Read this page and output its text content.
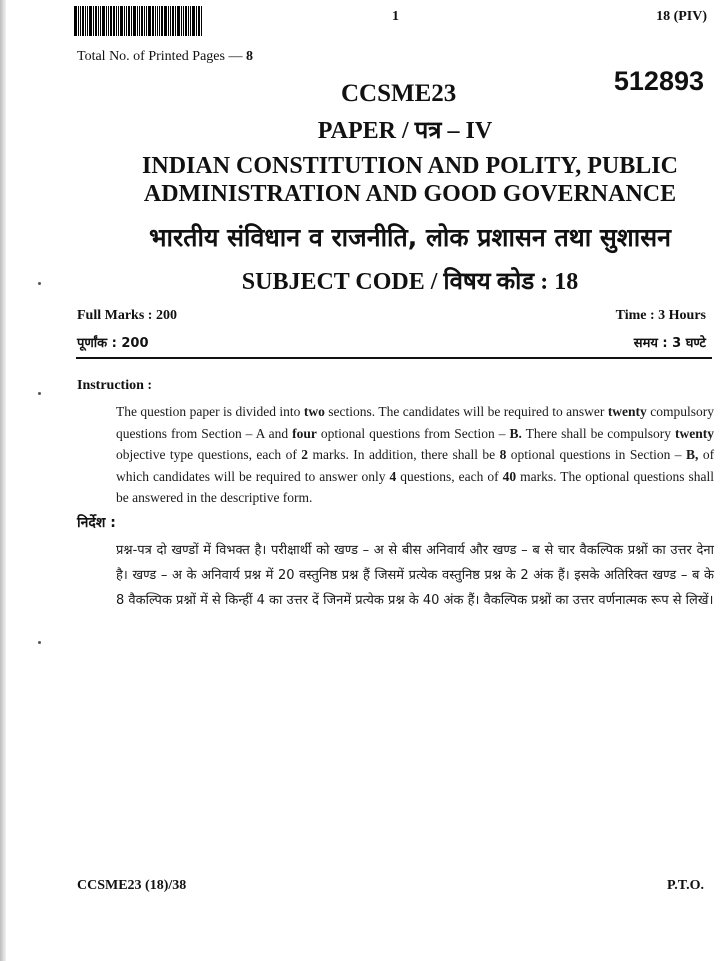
1	18 (PIV)
Total No. of Printed Pages — 8
CCSME23	512893
PAPER / पत्र – IV
INDIAN CONSTITUTION AND POLITY, PUBLIC ADMINISTRATION AND GOOD GOVERNANCE
भारतीय संविधान व राजनीति, लोक प्रशासन तथा सुशासन
SUBJECT CODE / विषय कोड : 18
Full Marks : 200	Time : 3 Hours
पूर्णांक : 200	समय : 3 घण्टे
Instruction :
The question paper is divided into two sections. The candidates will be required to answer twenty compulsory questions from Section – A and four optional questions from Section – B. There shall be compulsory twenty objective type questions, each of 2 marks. In addition, there shall be 8 optional questions in Section – B, of which candidates will be required to answer only 4 questions, each of 40 marks. The optional questions shall be answered in the descriptive form.
निर्देश :
प्रश्न-पत्र दो खण्डों में विभक्त है। परीक्षार्थी को खण्ड – अ से बीस अनिवार्य और खण्ड – ब से चार वैकल्पिक प्रश्नों का उत्तर देना है। खण्ड – अ के अनिवार्य प्रश्न में 20 वस्तुनिष्ठ प्रश्न हैं जिसमें प्रत्येक वस्तुनिष्ठ प्रश्न के 2 अंक हैं। इसके अतिरिक्त खण्ड – ब के 8 वैकल्पिक प्रश्नों में से किन्हीं 4 का उत्तर दें जिनमें प्रत्येक प्रश्न के 40 अंक हैं। वैकल्पिक प्रश्नों का उत्तर वर्णनात्मक रूप से लिखें।
CCSME23 (18)/38	P.T.O.
